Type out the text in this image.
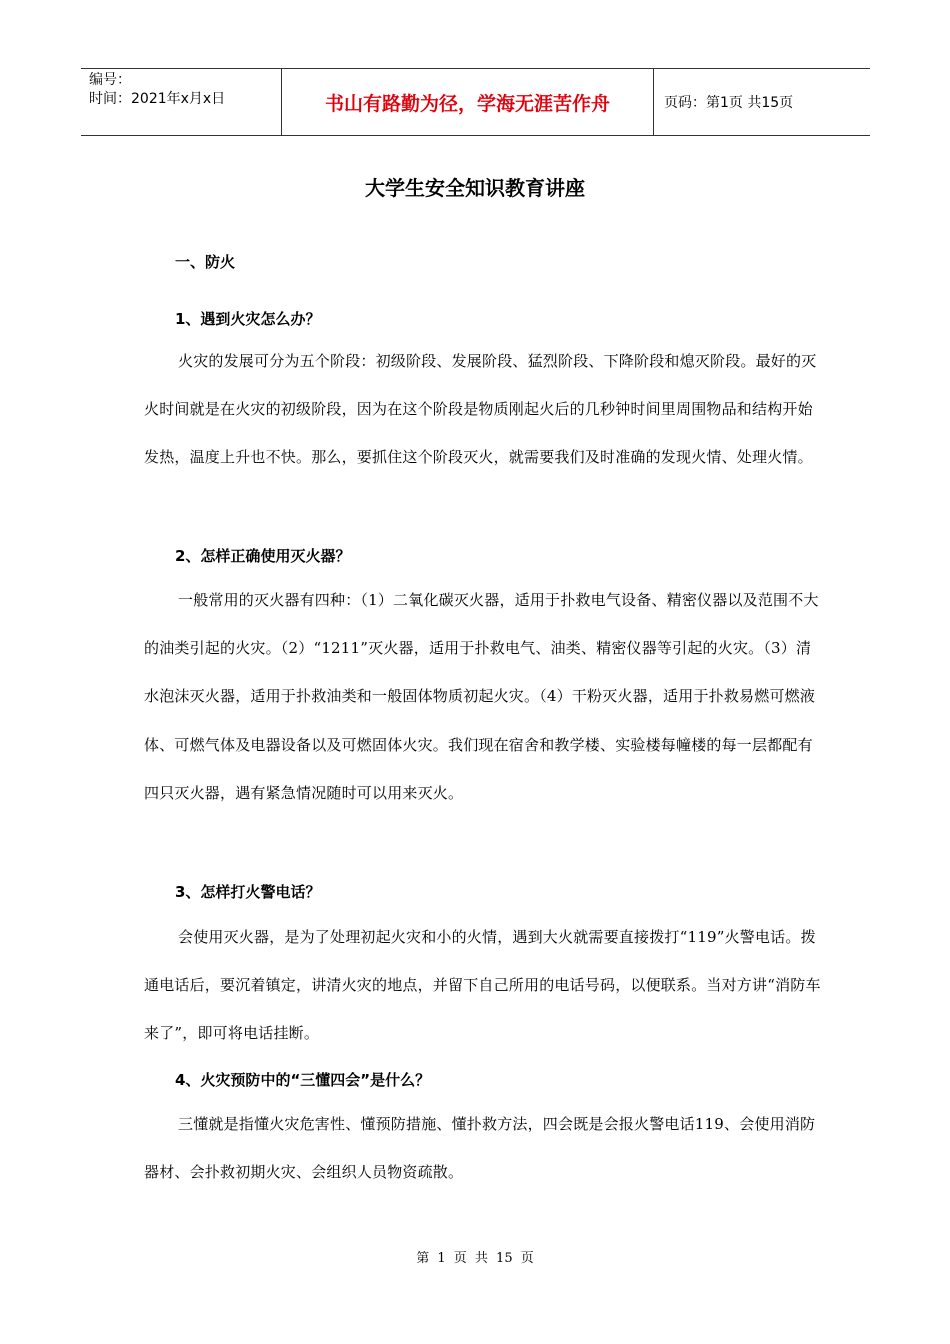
编号：
时间：2021年x月x日	书山有路勤为径，学海无涯苦作舟	页码：第1页 共15页
大学生安全知识教育讲座
一、防火
1、遇到火灾怎么办？
火灾的发展可分为五个阶段：初级阶段、发展阶段、猛烈阶段、下降阶段和熄灭阶段。最好的灭火时间就是在火灾的初级阶段，因为在这个阶段是物质刚起火后的几秒钟时间里周围物品和结构开始发热，温度上升也不快。那么，要抓住这个阶段灭火，就需要我们及时准确的发现火情、处理火情。
2、怎样正确使用灭火器？
一般常用的灭火器有四种：（1）二氧化碳灭火器，适用于扑救电气设备、精密仪器以及范围不大的油类引起的火灾。（2）“1211”灭火器，适用于扑救电气、油类、精密仪器等引起的火灾。（3）清水泡沫灭火器，适用于扑救油类和一般固体物质初起火灾。（4）干粉灭火器，适用于扑救易燃可燃液体、可燃气体及电器设备以及可燃固体火灾。我们现在宿舍和教学楼、实验楼每幢楼的每一层都配有四只灭火器，遇有紧急情况随时可以用来灭火。
3、怎样打火警电话？
会使用灭火器，是为了处理初起火灾和小的火情，遇到大火就需要直接拨打“119”火警电话。拨通电话后，要沉着镇定，讲清火灾的地点，并留下自己所用的电话号码，以便联系。当对方讲“消防车来了”，即可将电话挂断。
4、火灾预防中的“三懂四会”是什么？
三懂就是指懂火灾危害性、懂预防措施、懂扑救方法，四会既是会报火警电话119、会使用消防器材、会扑救初期火灾、会组织人员物资疏散。
第 1 页 共 15 页
